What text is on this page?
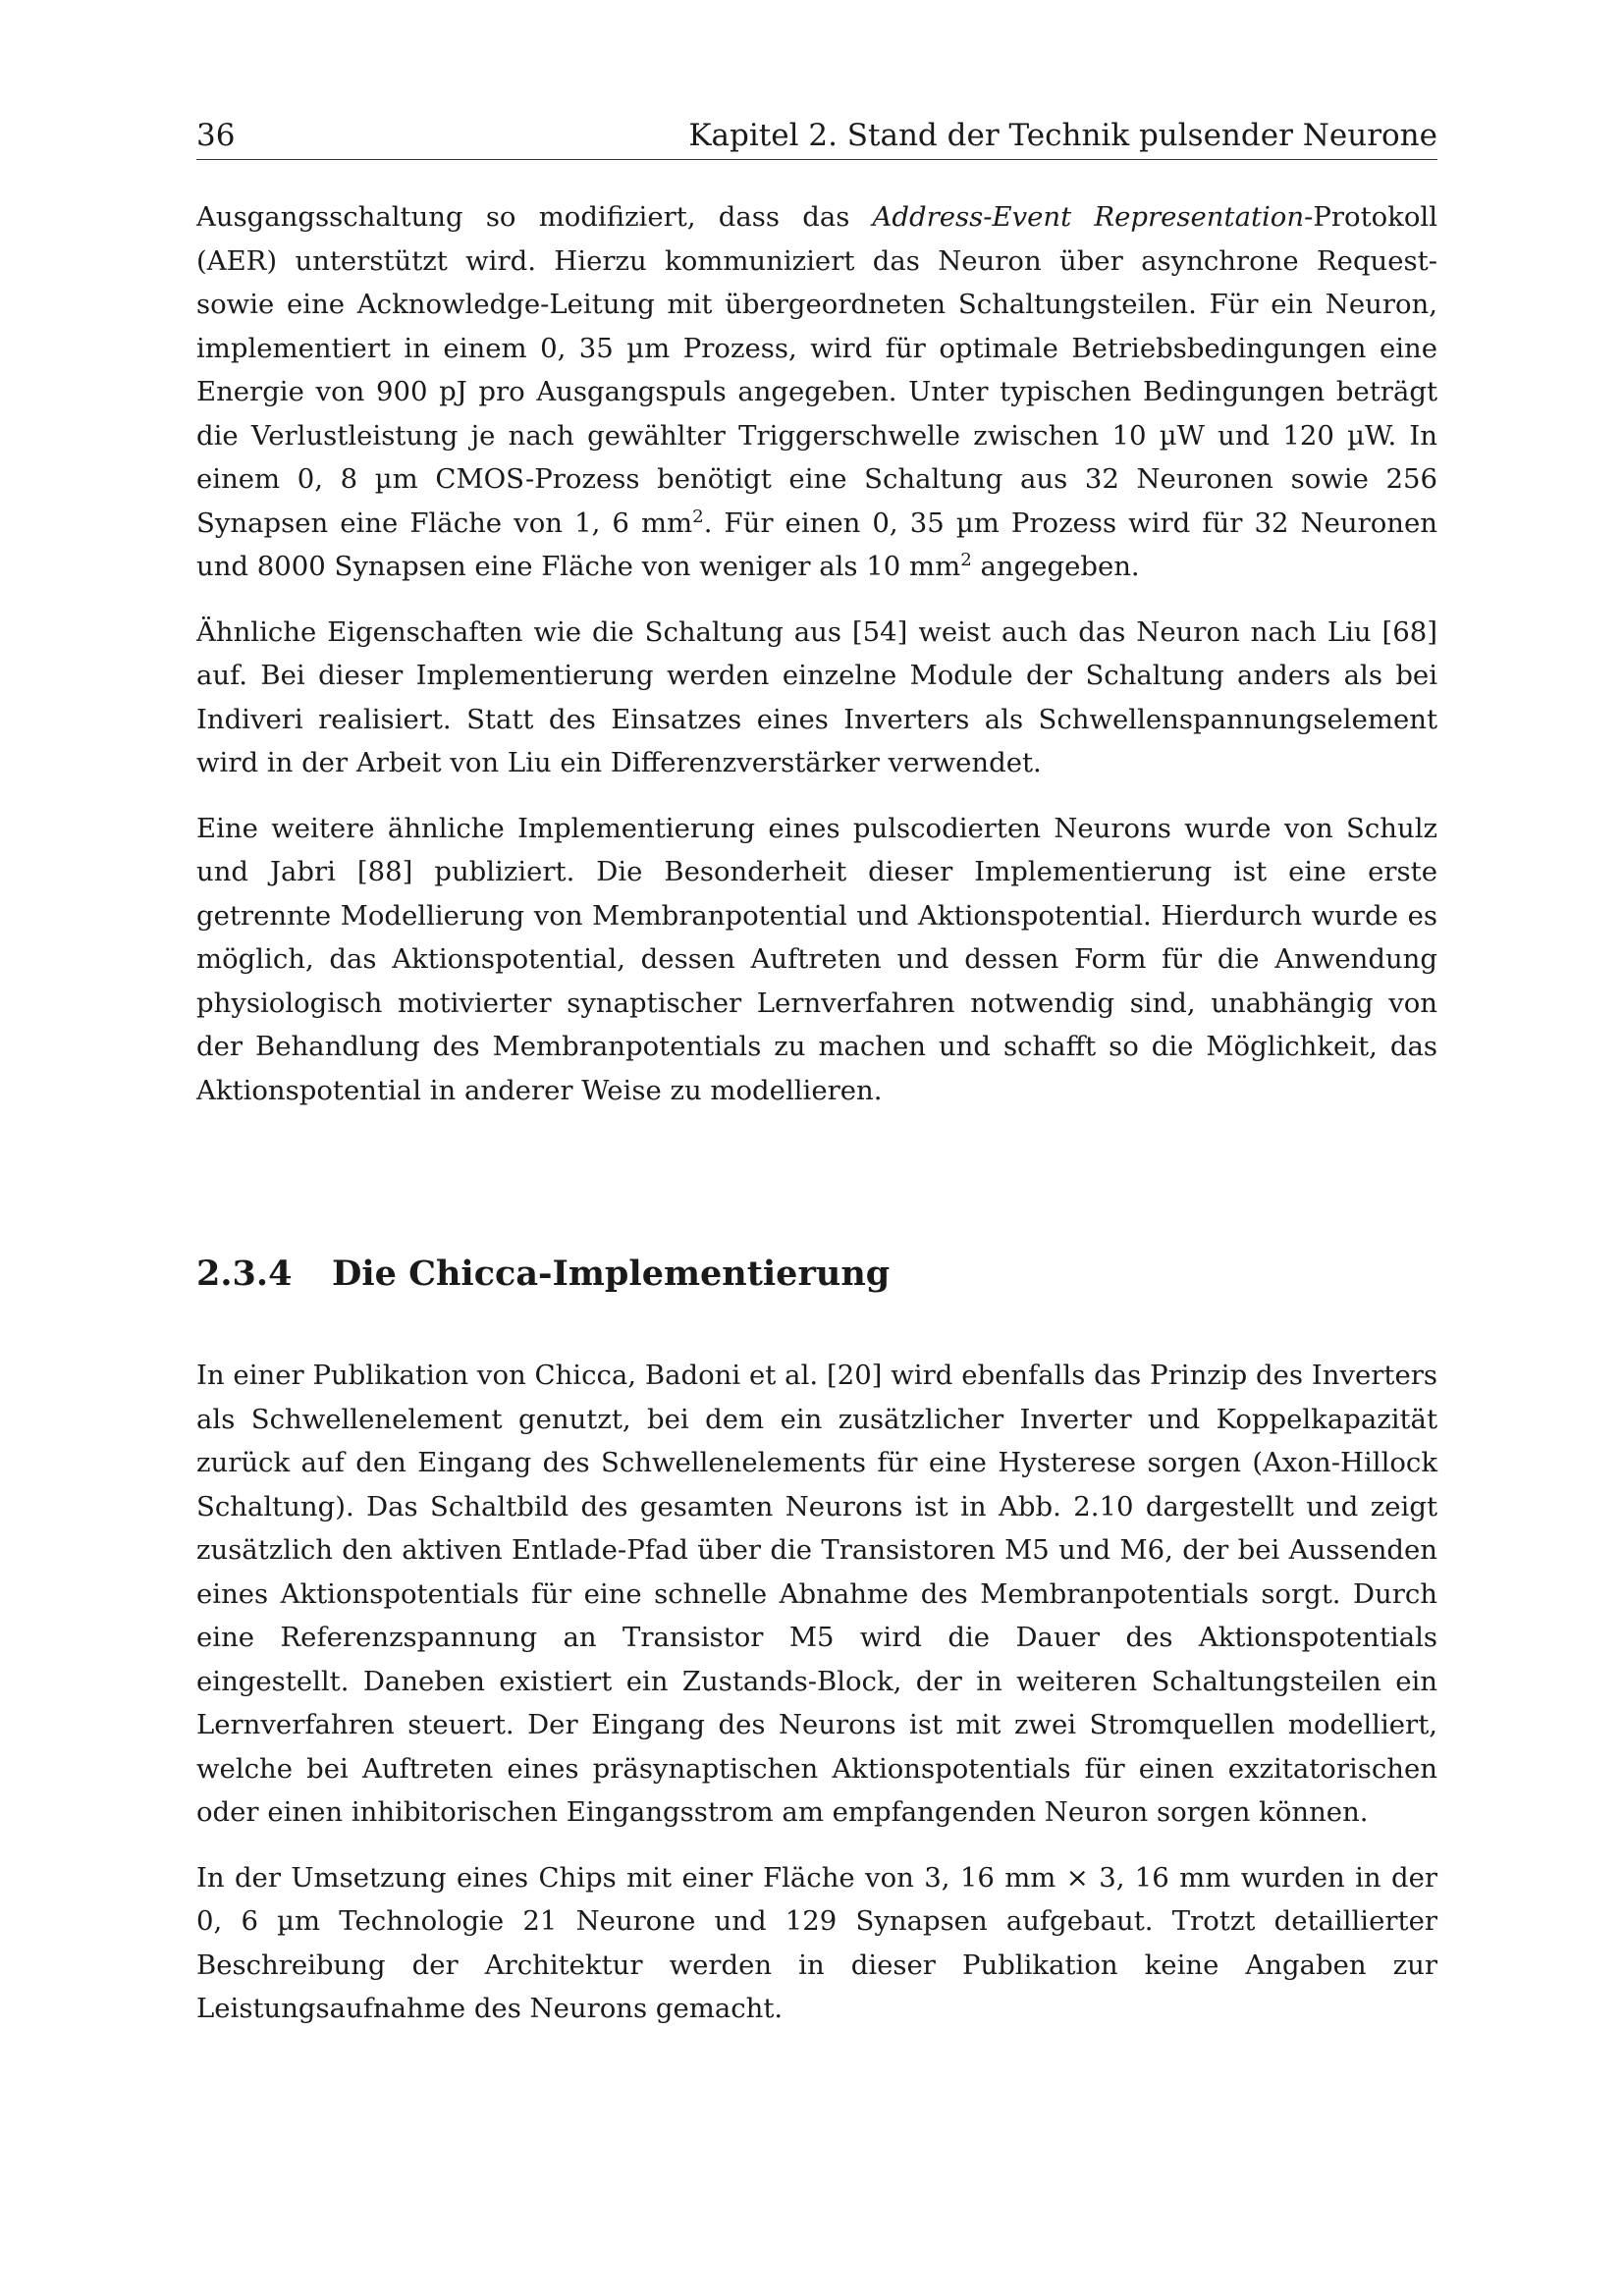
36	Kapitel 2. Stand der Technik pulsender Neurone

Ausgangsschaltung so modifiziert, dass das Address-Event Representation-Protokoll (AER) unterstützt wird. Hierzu kommuniziert das Neuron über asynchrone Request- sowie eine Acknowledge-Leitung mit übergeordneten Schaltungsteilen. Für ein Neuron, implementiert in einem 0, 35 µm Prozess, wird für optimale Betriebsbedingungen eine Energie von 900 pJ pro Ausgangspuls angegeben. Unter typischen Bedingungen beträgt die Verlustleistung je nach gewählter Triggerschwelle zwischen 10 µW und 120 µW. In einem 0, 8 µm CMOS-Prozess benötigt eine Schaltung aus 32 Neuronen sowie 256 Synapsen eine Fläche von 1, 6 $mm^2$. Für einen 0, 35 µm Prozess wird für 32 Neuronen und 8000 Synapsen eine Fläche von weniger als 10 $mm^2$ angegeben.

Ähnliche Eigenschaften wie die Schaltung aus [54] weist auch das Neuron nach Liu [68] auf. Bei dieser Implementierung werden einzelne Module der Schaltung anders als bei Indiveri realisiert. Statt des Einsatzes eines Inverters als Schwellenspannungselement wird in der Arbeit von Liu ein Differenzverstärker verwendet.

Eine weitere ähnliche Implementierung eines pulscodierten Neurons wurde von Schulz und Jabri [88] publiziert. Die Besonderheit dieser Implementierung ist eine erste getrennte Modellierung von Membranpotential und Aktionspotential. Hierdurch wurde es möglich, das Aktionspotential, dessen Auftreten und dessen Form für die Anwendung physiologisch motivierter synaptischer Lernverfahren notwendig sind, unabhängig von der Behandlung des Membranpotentials zu machen und schafft so die Möglichkeit, das Aktionspotential in anderer Weise zu modellieren.

2.3.4 Die Chicca-Implementierung

In einer Publikation von Chicca, Badoni et al. [20] wird ebenfalls das Prinzip des Inverters als Schwellenelement genutzt, bei dem ein zusätzlicher Inverter und Koppelkapazität zurück auf den Eingang des Schwellenelements für eine Hysterese sorgen (Axon-Hillock Schaltung). Das Schaltbild des gesamten Neurons ist in Abb. 2.10 dargestellt und zeigt zusätzlich den aktiven Entlade-Pfad über die Transistoren M5 und M6, der bei Aussenden eines Aktionspotentials für eine schnelle Abnahme des Membranpotentials sorgt. Durch eine Referenzspannung an Transistor M5 wird die Dauer des Aktionspotentials eingestellt. Daneben existiert ein Zustands-Block, der in weiteren Schaltungsteilen ein Lernverfahren steuert. Der Eingang des Neurons ist mit zwei Stromquellen modelliert, welche bei Auftreten eines präsynaptischen Aktionspotentials für einen exzitatorischen oder einen inhibitorischen Eingangsstrom am empfangenden Neuron sorgen können.

In der Umsetzung eines Chips mit einer Fläche von 3, 16 mm × 3, 16 mm wurden in der 0, 6 µm Technologie 21 Neurone und 129 Synapsen aufgebaut. Trotzt detaillierter Beschreibung der Architektur werden in dieser Publikation keine Angaben zur Leistungsaufnahme des Neurons gemacht.
